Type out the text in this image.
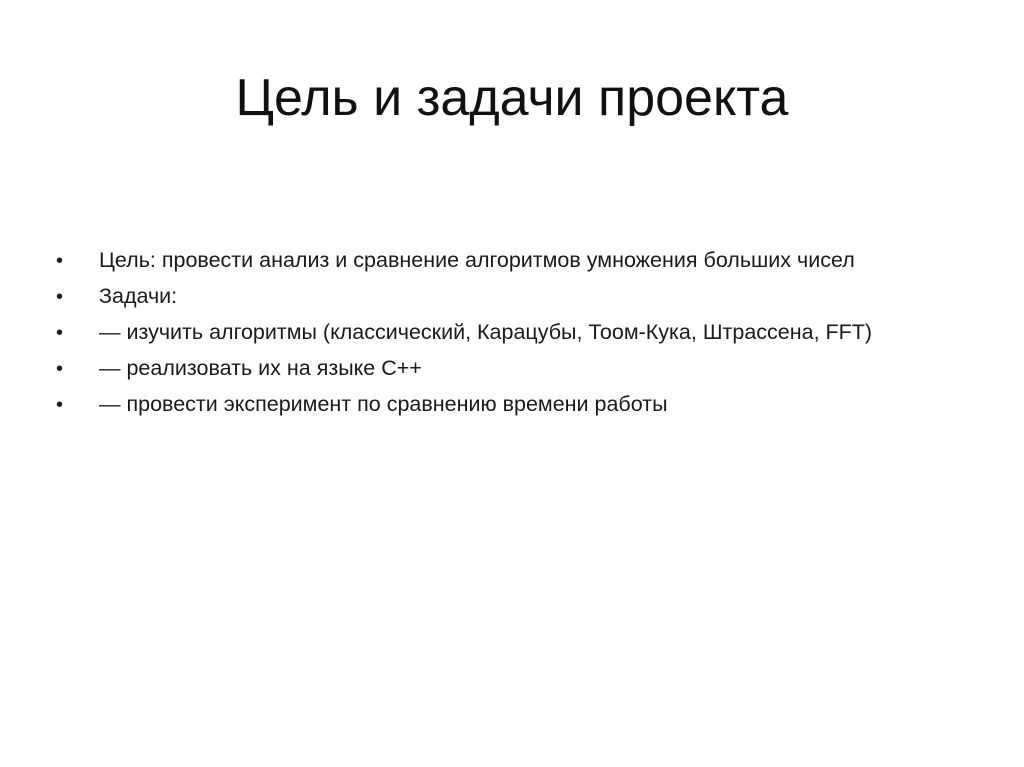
Цель и задачи проекта
•	Цель: провести анализ и сравнение алгоритмов умножения больших чисел
•	Задачи:
•	— изучить алгоритмы (классический, Карацубы, Тоом-Кука, Штрассена, FFT)
•	— реализовать их на языке C++
•	— провести эксперимент по сравнению времени работы
